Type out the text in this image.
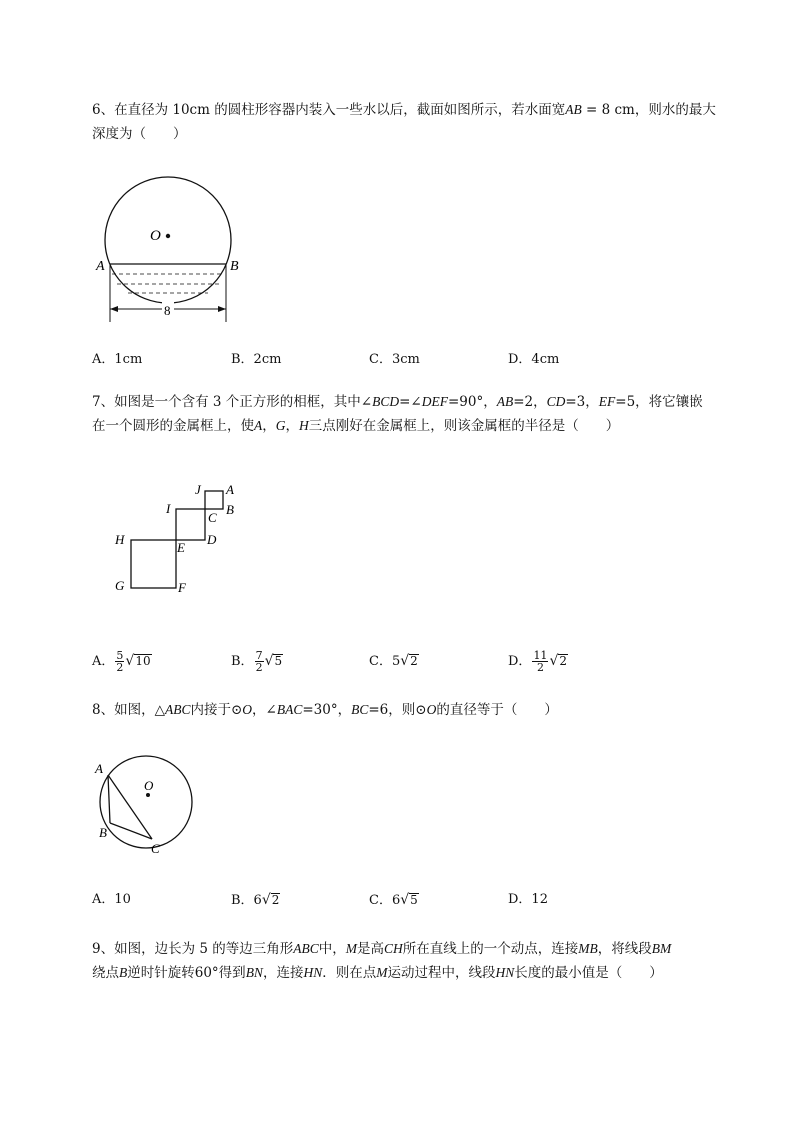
6、在直径为 10cm 的圆柱形容器内装入一些水以后，截面如图所示，若水面宽AB = 8 cm，则水的最大
深度为（　　）
O
A	B
8
A．1cm	B．2cm	C．3cm	D．4cm
7、如图是一个含有 3 个正方形的相框，其中∠BCD=∠DEF=90°，AB=2，CD=3，EF=5，将它镶嵌
在一个圆形的金属框上，使A，G，H三点刚好在金属框上，则该金属框的半径是（　　）
J A
I
C
B
H
E
D
G	F
A． $\frac{5}{2} √10$	B． $\frac{7}{2} √5$	C．5√2	D． $\frac{11}{2} √2$
8、如图，△ABC内接于⊙O，∠BAC=30°，BC=6，则⊙O的直径等于（　　）
A
O
B
C
A．10	B．6√2	C．6√5	D．12
9、如图，边长为 5 的等边三角形ABC中，M是高CH所在直线上的一个动点，连接MB，将线段BM
绕点B逆时针旋转60°得到BN，连接HN．则在点M运动过程中，线段HN长度的最小值是（　　）
